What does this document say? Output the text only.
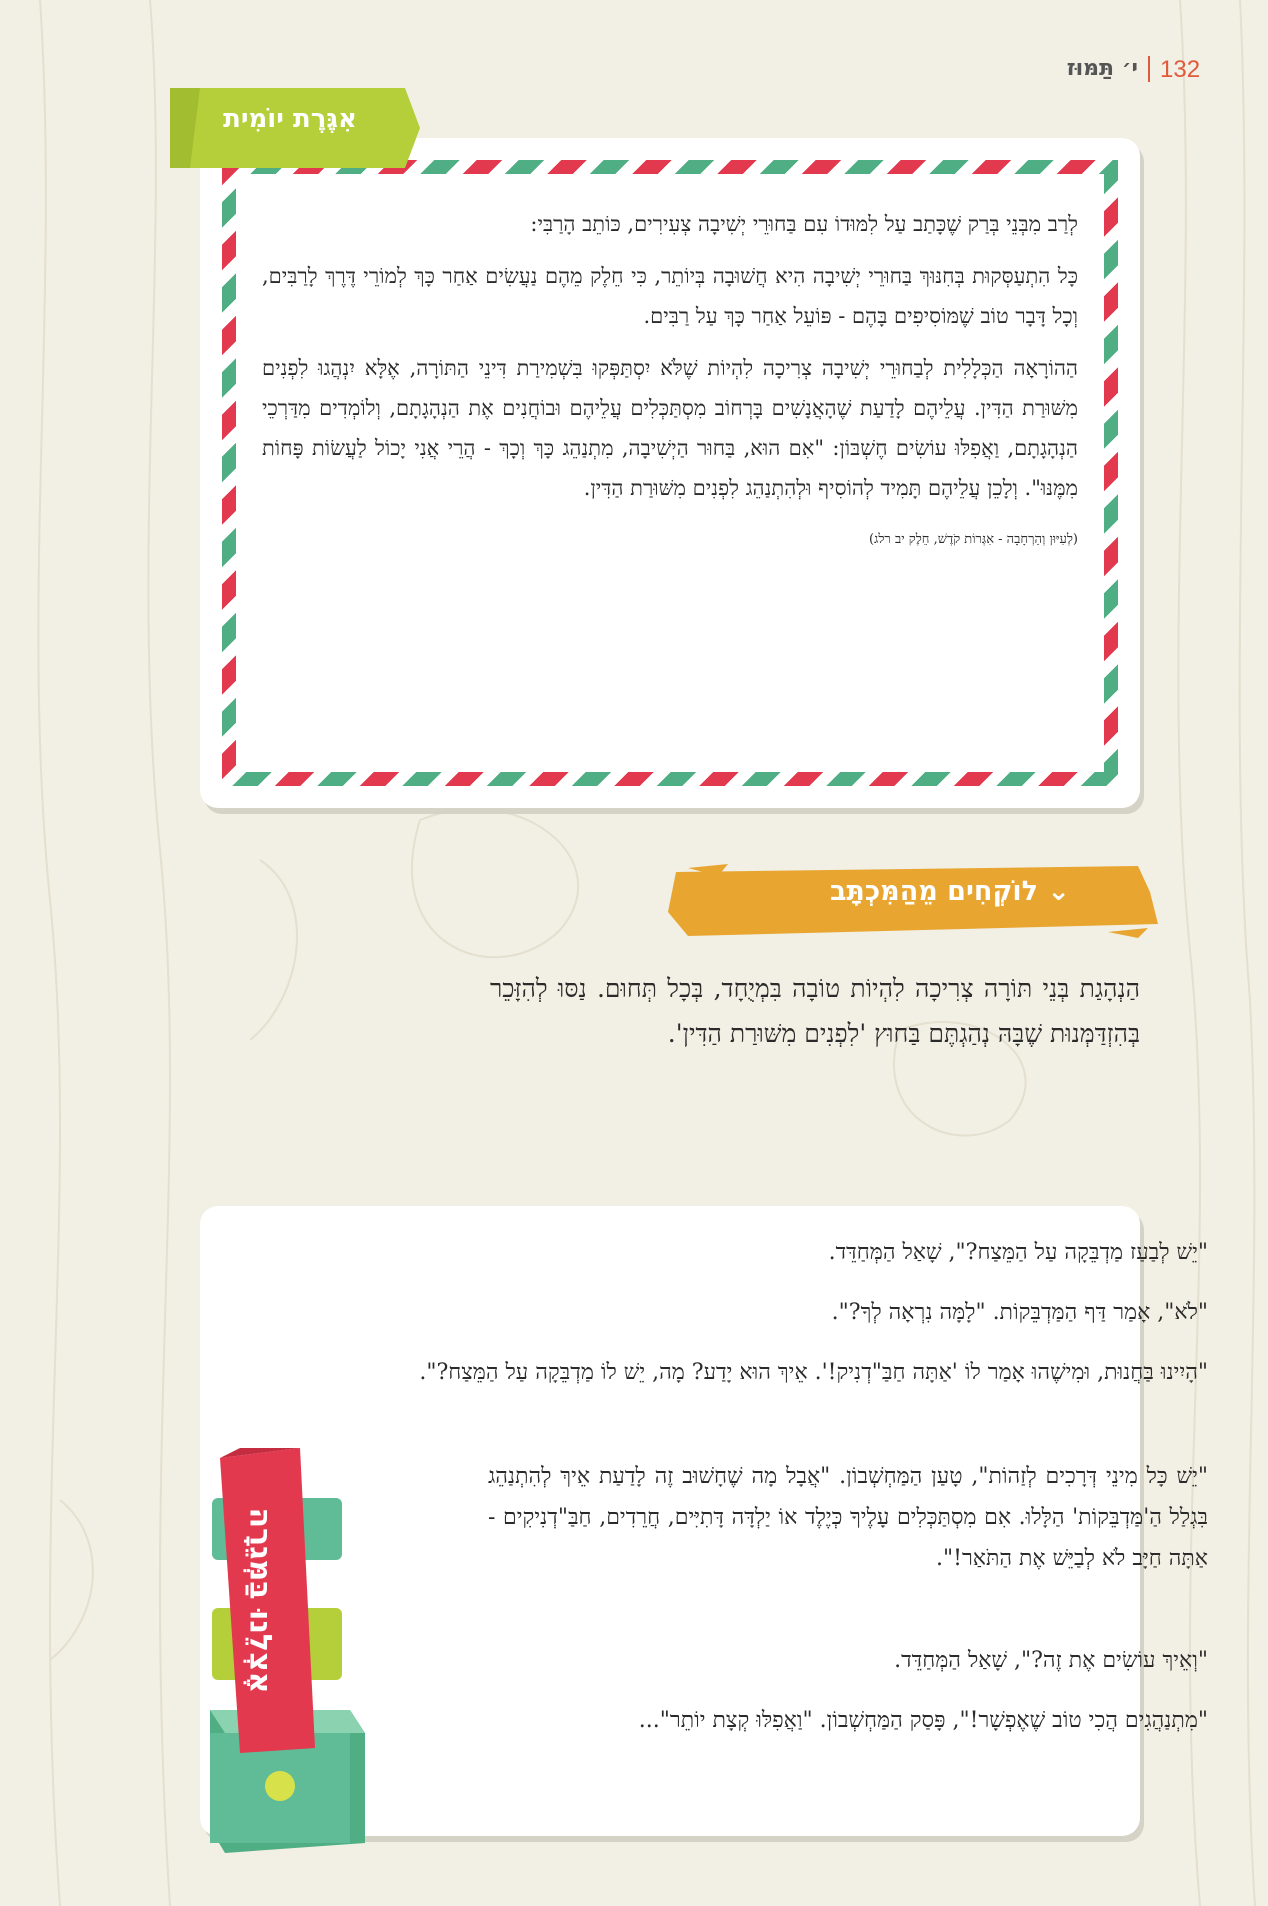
132
י׳ תַּמּוּז

לְרַב מִבְּנֵי בְּרַק שֶׁכָּתַב עַל לִמּוּדוֹ עִם בַּחוּרֵי יְשִׁיבָה צְעִירִים, כּוֹתֵב הָרַבִּי:

כָּל הִתְעַסְּקוּת בְּחִנּוּךְ בַּחוּרֵי יְשִׁיבָה הִיא חֲשׁוּבָה בְּיוֹתֵר, כִּי חֵלֶק מֵהֶם נַעֲשִׂים אַחַר כָּךְ לְמוֹרֵי דֶּרֶךְ לָרַבִּים, וְכָל דָּבָר טוֹב שֶׁמּוֹסִיפִים בָּהֶם - פּוֹעֵל אַחַר כָּךְ עַל רַבִּים.

הַהוֹרָאָה הַכְּלָלִית לְבַחוּרֵי יְשִׁיבָה צְרִיכָה לִהְיוֹת שֶׁלֹּא יִסְתַּפְּקוּ בִּשְׁמִירַת דִּינֵי הַתּוֹרָה, אֶלָּא יִנְהֲגוּ לִפְנִים מִשּׁוּרַת הַדִּין. עֲלֵיהֶם לָדַעַת שֶׁהָאֲנָשִׁים בָּרְחוֹב מִסְתַּכְּלִים עֲלֵיהֶם וּבוֹחֲנִים אֶת הַנְהָגָתָם, וְלוֹמְדִים מִדַּרְכֵי הַנְהָגָתָם, וַאֲפִלּוּ עוֹשִׂים חֶשְׁבּוֹן: "אִם הוּא, בַּחוּר הַיְשִׁיבָה, מִתְנַהֵג כָּךְ וְכָךְ - הֲרֵי אֲנִי יָכוֹל לַעֲשׂוֹת פָּחוֹת מִמֶּנּוּ". וְלָכֵן עֲלֵיהֶם תָּמִיד לְהוֹסִיף וּלְהִתְנַהֵג לִפְנִים מִשּׁוּרַת הַדִּין.

(לְעִיּוּן וְהַרְחָבָה - אִגְּרוֹת קֹדֶשׁ, חֵלֶק יב רלג)
אִגֶּרֶת יוֹמִית
⌄ לוֹקְחִים מֵהַמִּכְתָּב
הַנְהָגַת בְּנֵי תּוֹרָה צְרִיכָה לִהְיוֹת טוֹבָה בִּמְיֻחָד, בְּכָל תְּחוּם. נַסּוּ לְהִזָּכֵר בְּהִזְדַּמְּנוּת שֶׁבָּהּ נְהַגְתֶּם בַּחוּץ 'לִפְנִים מִשּׁוּרַת הַדִּין'.
"יֵשׁ לְבַעַז מַדְבֵּקָה עַל הַמֵּצַח?", שָׁאַל הַמְּחַדֵּד.
"לֹא", אָמַר דַּף הַמַּדְבֵּקוֹת. "לָמָּה נִרְאָה לְךָ?".
"הָיִינוּ בַּחֲנוּת, וּמִישֶׁהוּ אָמַר לוֹ 'אַתָּה חַבַּ"דְנִיק!'. אֵיךְ הוּא יָדַע? מָה, יֵשׁ לוֹ מַדְבֵּקָה עַל הַמֵּצַח?".
"יֵשׁ כָּל מִינֵי דְּרָכִים לְזַהוֹת", טָעַן הַמַּחְשְׁבוֹן. "אֲבָל מָה שֶׁחָשׁוּב זֶה לָדַעַת אֵיךְ לְהִתְנַהֵג בִּגְלַל הַ'מַּדְבֵּקוֹת' הַלָּלוּ. אִם מִסְתַּכְּלִים עָלֶיךָ כְּיֶלֶד אוֹ יַלְדָּה דָּתִיִּים, חֲרֵדִים, חַבַּ"דְנִיקִים - אַתָּה חַיָּב לֹא לְבַיֵּשׁ אֶת הַתֹּאַר!".
"וְאֵיךְ עוֹשִׂים אֶת זֶה?", שָׁאַל הַמְּחַדֵּד.
"מִתְנַהֲגִים הֲכִי טוֹב שֶׁאֶפְשָׁר!", פָּסַק הַמַּחְשְׁבוֹן. "וַאֲפִלּוּ קְצָת יוֹתֵר"...
אֶצְלֵנוּ בַּמְּגֵרָה
